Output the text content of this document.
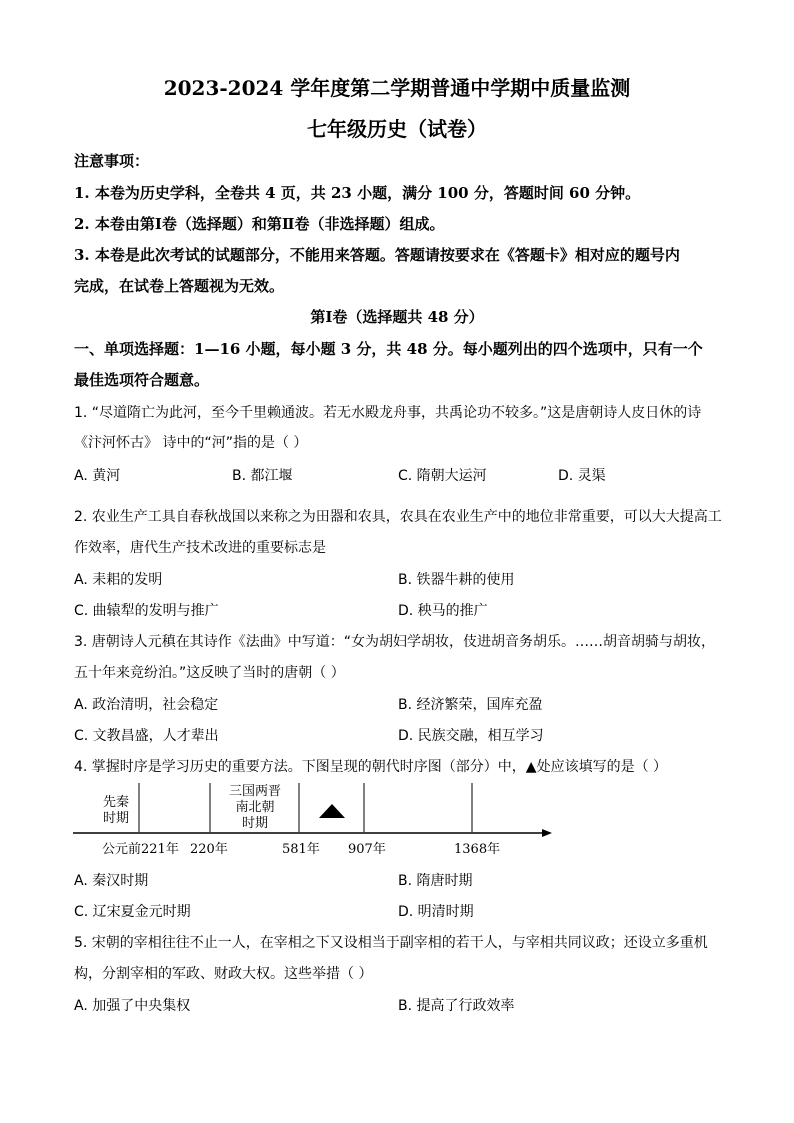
2023-2024 学年度第二学期普通中学期中质量监测
七年级历史（试卷）
注意事项：
1. 本卷为历史学科，全卷共 4 页，共 23 小题，满分 100 分，答题时间 60 分钟。
2. 本卷由第Ⅰ卷（选择题）和第Ⅱ卷（非选择题）组成。
3. 本卷是此次考试的试题部分，不能用来答题。答题请按要求在《答题卡》相对应的题号内
完成，在试卷上答题视为无效。
第Ⅰ卷（选择题共 48 分）
一、单项选择题：1—16 小题，每小题 3 分，共 48 分。每小题列出的四个选项中，只有一个
最佳选项符合题意。
1. “尽道隋亡为此河，至今千里赖通波。若无水殿龙舟事，共禹论功不较多。”这是唐朝诗人皮日休的诗
《汴河怀古》 诗中的“河”指的是（ ）
A. 黄河	B. 都江堰	C. 隋朝大运河	D. 灵渠
2. 农业生产工具自春秋战国以来称之为田器和农具，农具在农业生产中的地位非常重要，可以大大提高工
作效率，唐代生产技术改进的重要标志是
A. 耒耜的发明	B. 铁器牛耕的使用
C. 曲辕犁的发明与推广	D. 秧马的推广
3. 唐朝诗人元稹在其诗作《法曲》中写道：“女为胡妇学胡妆，伎进胡音务胡乐。……胡音胡骑与胡妆，
五十年来竞纷泊。”这反映了当时的唐朝（ ）
A. 政治清明，社会稳定	B. 经济繁荣，国库充盈
C. 文教昌盛，人才辈出	D. 民族交融，相互学习
4. 掌握时序是学习历史的重要方法。下图呈现的朝代时序图（部分）中，▲处应该填写的是（ ）
先秦
时期
三国两晋
南北朝
时期
公元前221年 220年	581年 907年	1368年
A. 秦汉时期	B. 隋唐时期
C. 辽宋夏金元时期	D. 明清时期
5. 宋朝的宰相往往不止一人，在宰相之下又设相当于副宰相的若干人，与宰相共同议政；还设立多重机
构，分割宰相的军政、财政大权。这些举措（ ）
A. 加强了中央集权	B. 提高了行政效率
